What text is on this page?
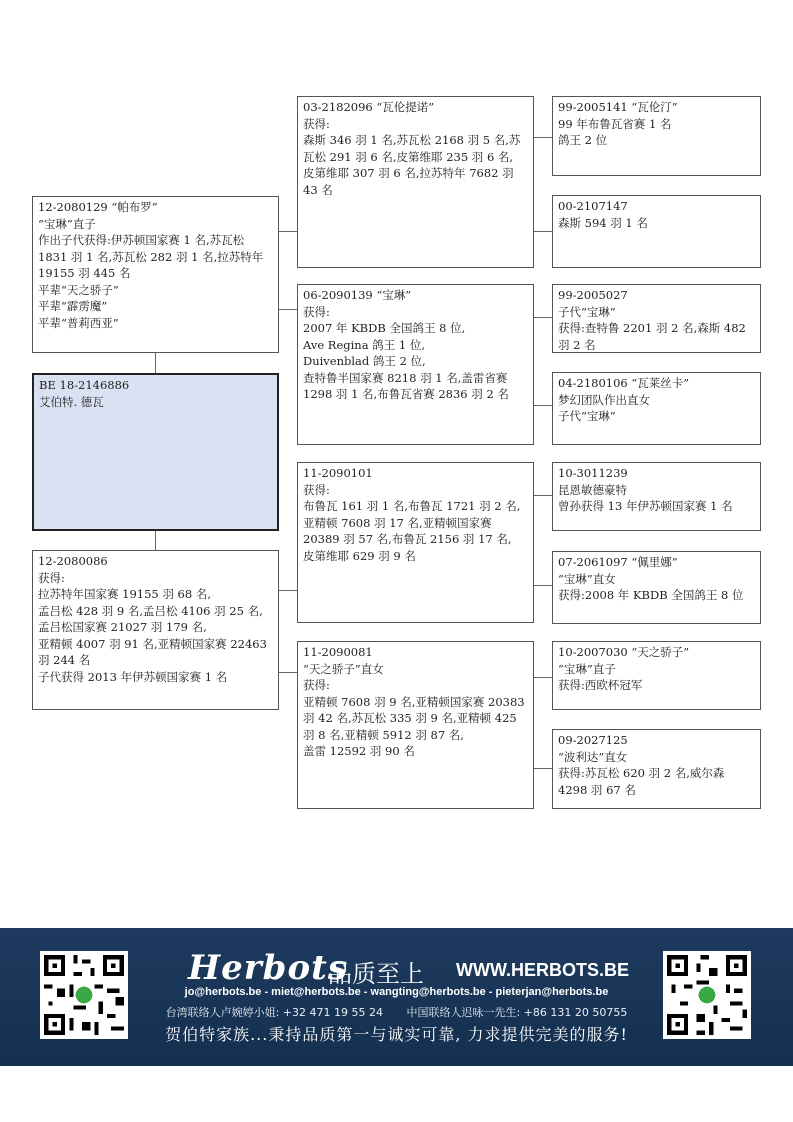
12-2080129 “帕布罗”
“宝琳”直子
作出子代获得:伊苏顿国家赛 1 名,苏瓦松 1831 羽 1 名,苏瓦松 282 羽 1 名,拉苏特年 19155 羽 445 名
平辈“天之骄子”
平辈“霹雳魔”
平辈“普莉西亚”
BE 18-2146886
艾伯特. 德瓦
12-2080086
获得:
拉苏特年国家赛 19155 羽 68 名,
孟吕松 428 羽 9 名,孟吕松 4106 羽 25 名,
孟吕松国家赛 21027 羽 179 名,
亚精顿 4007 羽 91 名,亚精顿国家赛 22463 羽 244 名
子代获得 2013 年伊苏顿国家赛 1 名
03-2182096 “瓦伦提诺”
获得:
森斯 346 羽 1 名,苏瓦松 2168 羽 5 名,苏瓦松 291 羽 6 名,皮第维耶 235 羽 6 名,
皮第维耶 307 羽 6 名,拉苏特年 7682 羽 43 名
06-2090139 “宝琳”
获得:
2007 年 KBDB 全国鸽王 8 位,
Ave Regina 鸽王 1 位,
Duivenblad 鸽王 2 位,
查特鲁半国家赛 8218 羽 1 名,盖雷省赛 1298 羽 1 名,布鲁瓦省赛 2836 羽 2 名
11-2090101
获得:
布鲁瓦 161 羽 1 名,布鲁瓦 1721 羽 2 名,亚精顿 7608 羽 17 名,亚精顿国家赛 20389 羽 57 名,布鲁瓦 2156 羽 17 名,
皮第维耶 629 羽 9 名
11-2090081
“天之骄子”直女
获得:
亚精顿 7608 羽 9 名,亚精顿国家赛 20383 羽 42 名,苏瓦松 335 羽 9 名,亚精顿 425 羽 8 名,亚精顿 5912 羽 87 名,
盖雷 12592 羽 90 名
99-2005141 “瓦伦汀”
99 年布鲁瓦省赛 1 名
鸽王 2 位
00-2107147
森斯 594 羽 1 名
99-2005027
子代“宝琳”
获得:查特鲁 2201 羽 2 名,森斯 482 羽 2 名
04-2180106 “瓦莱丝卡”
梦幻团队作出直女
子代“宝琳”
10-3011239
昆恩敏德豪特
曾孙获得 13 年伊苏顿国家赛 1 名
07-2061097 “佩里娜”
“宝琳”直女
获得:2008 年 KBDB 全国鸽王 8 位
10-2007030 “天之骄子”
“宝琳”直子
获得:西欧杯冠军
09-2027125
“波利达”直女
获得:苏瓦松 620 羽 2 名,威尔森 4298 羽 67 名
Herbots
品质至上 WWW.HERBOTS.BE
jo@herbots.be - miet@herbots.be - wangting@herbots.be - pieterjan@herbots.be
台湾联络人卢婉婷小姐: +32 471 19 55 24 中国联络人迟咏一先生: +86 131 20 50755
贺伯特家族...秉持品质第一与诚实可靠, 力求提供完美的服务!
